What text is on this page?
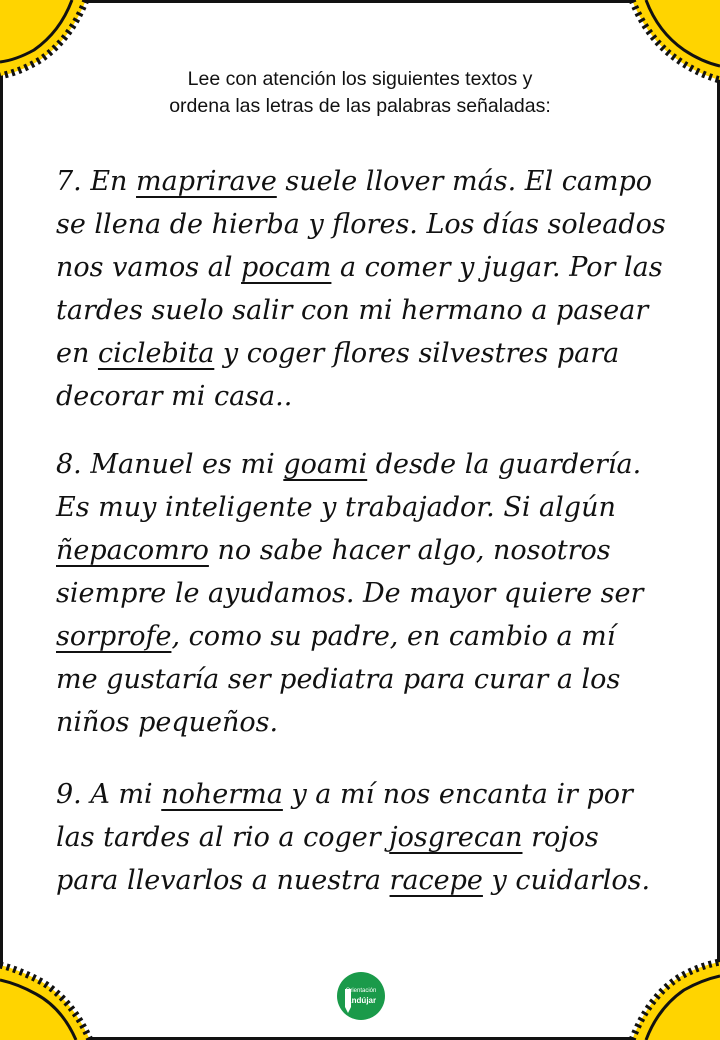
Lee con atención los siguientes textos y
ordena las letras de las palabras señaladas:
7. En maprirave suele llover más. El campo
se llena de hierba y flores. Los días soleados
nos vamos al pocam a comer y jugar. Por las
tardes suelo salir con mi hermano a pasear
en ciclebita y coger flores silvestres para
decorar mi casa..
8. Manuel es mi goami desde la guardería.
Es muy inteligente y trabajador. Si algún
ñepacomro no sabe hacer algo, nosotros
siempre le ayudamos. De mayor quiere ser
sorprofe, como su padre, en cambio a mí
me gustaría ser pediatra para curar a los
niños pequeños.
9. A mi noherma y a mí nos encanta ir por
las tardes al rio a coger josgrecan rojos
para llevarlos a nuestra racepe y cuidarlos.
Orientación
Andújar
